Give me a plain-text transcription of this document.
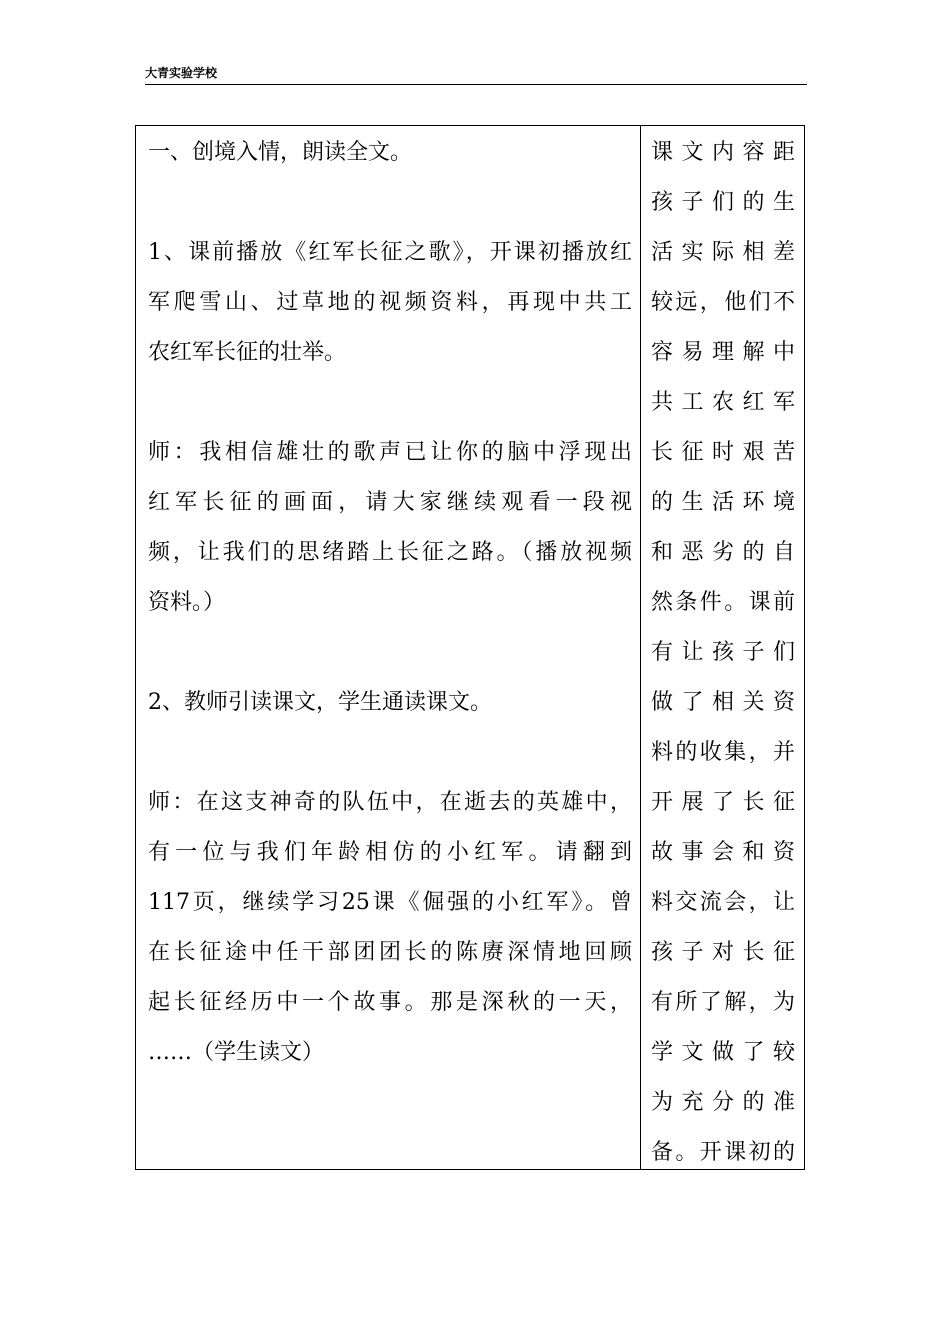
大青实验学校
一、创境入情，朗读全文。
1、课前播放《红军长征之歌》，开课初播放红
军爬雪山、过草地的视频资料，再现中共工
农红军长征的壮举。
师：我相信雄壮的歌声已让你的脑中浮现出
红军长征的画面，请大家继续观看一段视
频，让我们的思绪踏上长征之路。（播放视频
资料。）
2、教师引读课文，学生通读课文。
师：在这支神奇的队伍中，在逝去的英雄中，
有一位与我们年龄相仿的小红军。请翻到
117页，继续学习25课《倔强的小红军》。曾
在长征途中任干部团团长的陈赓深情地回顾
起长征经历中一个故事。那是深秋的一天，
……（学生读文）
课文内容距
孩子们的生
活实际相差
较远，他们不
容易理解中
共工农红军
长征时艰苦
的生活环境
和恶劣的自
然条件。课前
有让孩子们
做了相关资
料的收集，并
开展了长征
故事会和资
料交流会，让
孩子对长征
有所了解，为
学文做了较
为充分的准
备。开课初的
